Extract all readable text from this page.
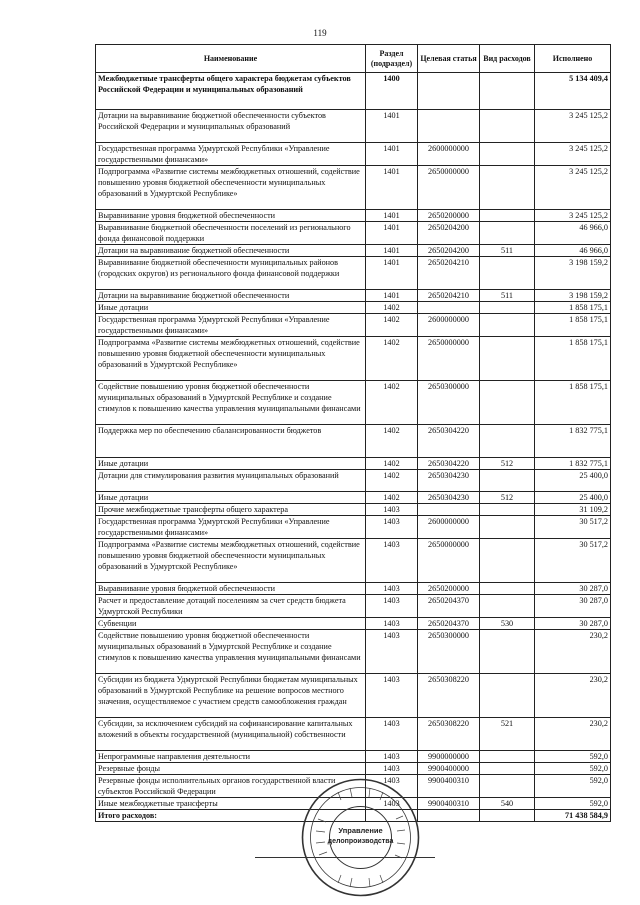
119
Наименование	Раздел (подраздел)	Целевая статья	Вид расходов	Исполнено
Межбюджетные трансферты общего характера бюджетам субъектов Российской Федерации и муниципальных образований	1400			5 134 409,4
Дотации на выравнивание бюджетной обеспеченности субъектов Российской Федерации и муниципальных образований	1401			3 245 125,2
Государственная программа Удмуртской Республики «Управление государственными финансами»	1401	2600000000		3 245 125,2
Подпрограмма «Развитие системы межбюджетных отношений, содействие повышению уровня бюджетной обеспеченности муниципальных образований в Удмуртской Республике»	1401	2650000000		3 245 125,2
Выравнивание уровня бюджетной обеспеченности	1401	2650200000		3 245 125,2
Выравнивание бюджетной обеспеченности поселений из регионального фонда финансовой поддержки	1401	2650204200		46 966,0
Дотации на выравнивание бюджетной обеспеченности	1401	2650204200	511	46 966,0
Выравнивание бюджетной обеспеченности муниципальных районов (городских округов) из регионального фонда финансовой поддержки	1401	2650204210		3 198 159,2
Дотации на выравнивание бюджетной обеспеченности	1401	2650204210	511	3 198 159,2
Иные дотации	1402			1 858 175,1
Государственная программа Удмуртской Республики «Управление государственными финансами»	1402	2600000000		1 858 175,1
Подпрограмма «Развитие системы межбюджетных отношений, содействие повышению уровня бюджетной обеспеченности муниципальных образований в Удмуртской Республике»	1402	2650000000		1 858 175,1
Содействие повышению уровня бюджетной обеспеченности муниципальных образований в Удмуртской Республике и создание стимулов к повышению качества управления муниципальными финансами	1402	2650300000		1 858 175,1
Поддержка мер по обеспечению сбалансированности бюджетов	1402	2650304220		1 832 775,1
Иные дотации	1402	2650304220	512	1 832 775,1
Дотации для стимулирования развития муниципальных образований	1402	2650304230		25 400,0
Иные дотации	1402	2650304230	512	25 400,0
Прочие межбюджетные трансферты общего характера	1403			31 109,2
Государственная программа Удмуртской Республики «Управление государственными финансами»	1403	2600000000		30 517,2
Подпрограмма «Развитие системы межбюджетных отношений, содействие повышению уровня бюджетной обеспеченности муниципальных образований в Удмуртской Республике»	1403	2650000000		30 517,2
Выравнивание уровня бюджетной обеспеченности	1403	2650200000		30 287,0
Расчет и предоставление дотаций поселениям за счет средств бюджета Удмуртской Республики	1403	2650204370		30 287,0
Субвенции	1403	2650204370	530	30 287,0
Содействие повышению уровня бюджетной обеспеченности муниципальных образований в Удмуртской Республике и создание стимулов к повышению качества управления муниципальными финансами	1403	2650300000		230,2
Субсидии из бюджета Удмуртской Республики бюджетам муниципальных образований в Удмуртской Республике на решение вопросов местного значения, осуществляемое с участием средств самообложения граждан	1403	2650308220		230,2
Субсидии, за исключением субсидий на софинансирование капитальных вложений в объекты государственной (муниципальной) собственности	1403	2650308220	521	230,2
Непрограммные направления деятельности	1403	9900000000		592,0
Резервные фонды	1403	9900400000		592,0
Резервные фонды исполнительных органов государственной власти субъектов Российской Федерации	1403	9900400310		592,0
Иные межбюджетные трансферты	1403	9900400310	540	592,0
Итого расходов:				71 438 584,9
Управление
делопроизводства
